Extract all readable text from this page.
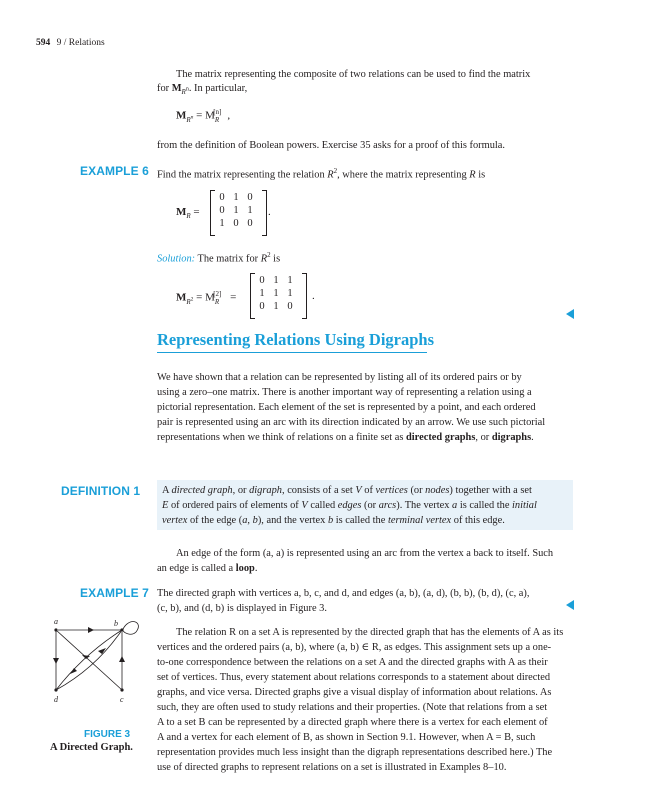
594 9 / Relations
The matrix representing the composite of two relations can be used to find the matrix
for $M_{R^n}$. In particular,
$M_{R^n} = M_R[n]$ ,
from the definition of Boolean powers. Exercise 35 asks for a proof of this formula.
EXAMPLE 6 Find the matrix representing the relation $R^2$, where the matrix representing R is
$M_R$ =
0 1 0
0 1 1
1 0 0
.
Solution: The matrix for $R^2$ is
$M_{R^2} = M_R[2]$ =
0 1 1
1 1 1
0 1 0
.
Representing Relations Using Digraphs
We have shown that a relation can be represented by listing all of its ordered pairs or by
using a zero–one matrix. There is another important way of representing a relation using a
pictorial representation. Each element of the set is represented by a point, and each ordered
pair is represented using an arc with its direction indicated by an arrow. We use such pictorial
representations when we think of relations on a finite set as directed graphs, or digraphs.
DEFINITION 1 A directed graph, or digraph, consists of a set V of vertices (or nodes) together with a set
E of ordered pairs of elements of V called edges (or arcs). The vertex a is called the initial
vertex of the edge (a, b), and the vertex b is called the terminal vertex of this edge.
An edge of the form (a, a) is represented using an arc from the vertex a back to itself. Such
an edge is called a loop.
EXAMPLE 7 The directed graph with vertices a, b, c, and d, and edges (a, b), (a, d), (b, b), (b, d), (c, a),
(c, b), and (d, b) is displayed in Figure 3.
a	b
c
d
FIGURE 3
A Directed Graph.
The relation R on a set A is represented by the directed graph that has the elements of A as its
vertices and the ordered pairs (a, b), where (a, b) ∈ R, as edges. This assignment sets up a one-
to-one correspondence between the relations on a set A and the directed graphs with A as their
set of vertices. Thus, every statement about relations corresponds to a statement about directed
graphs, and vice versa. Directed graphs give a visual display of information about relations. As
such, they are often used to study relations and their properties. (Note that relations from a set
A to a set B can be represented by a directed graph where there is a vertex for each element of
A and a vertex for each element of B, as shown in Section 9.1. However, when A = B, such
representation provides much less insight than the digraph representations described here.) The
use of directed graphs to represent relations on a set is illustrated in Examples 8–10.
